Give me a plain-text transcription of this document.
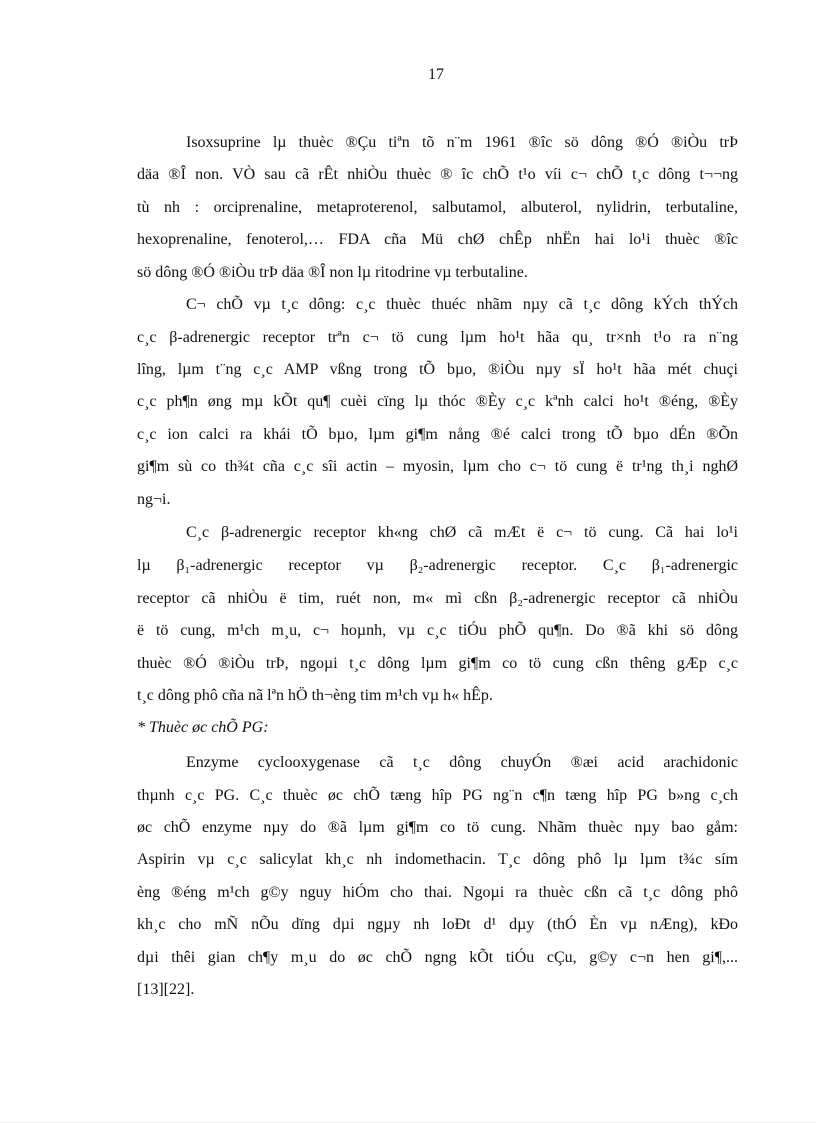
17
Isoxsuprine lµ thuèc ®Çu tiªn tõ n¨m 1961 ®îc sö dông ®Ó ®iÒu trÞ
däa ®Î non. VÒ sau cã rÊt nhiÒu thuèc ® îc chÕ t¹o víi c¬ chÕ t¸c dông t¬¬ng
tù nh : orciprenaline, metaproterenol, salbutamol, albuterol, nylidrin, terbutaline,
hexoprenaline, fenoterol,… FDA cña Mü chØ chÊp nhËn hai lo¹i thuèc ®îc
sö dông ®Ó ®iÒu trÞ däa ®Î non lµ ritodrine vµ terbutaline.
C¬ chÕ vµ t¸c dông: c¸c thuèc thuéc nhãm nµy cã t¸c dông kÝch thÝch
c¸c β-adrenergic receptor trªn c¬ tö cung lµm ho¹t hãa qu¸ tr×nh t¹o ra n¨ng
lîng, lµm t¨ng c¸c AMP vßng trong tÕ bµo, ®iÒu nµy sÏ ho¹t hãa mét chuçi
c¸c ph¶n øng mµ kÕt qu¶ cuèi cïng lµ thóc ®Èy c¸c kªnh calci ho¹t ®éng, ®Èy
c¸c ion calci ra khái tÕ bµo, lµm gi¶m nång ®é calci trong tÕ bµo dÉn ®Õn
gi¶m sù co th¾t cña c¸c sîi actin – myosin, lµm cho c¬ tö cung ë tr¹ng th¸i nghØ
ng¬i.
C¸c β-adrenergic receptor kh«ng chØ cã mÆt ë c¬ tö cung. Cã hai lo¹i
lµ β₁-adrenergic receptor vµ β₂-adrenergic receptor. C¸c β₁-adrenergic
receptor cã nhiÒu ë tim, ruét non, m« mì cßn β₂-adrenergic receptor cã nhiÒu
ë tö cung, m¹ch m¸u, c¬ hoµnh, vµ c¸c tiÓu phÕ qu¶n. Do ®ã khi sö dông
thuèc ®Ó ®iÒu trÞ, ngoµi t¸c dông lµm gi¶m co tö cung cßn thêng gÆp c¸c
t¸c dông phô cña nã lªn hÖ th¬èng tim m¹ch vµ h« hÊp.
* Thuèc øc chÕ PG:
Enzyme cyclooxygenase cã t¸c dông chuyÓn ®æi acid arachidonic
thµnh c¸c PG. C¸c thuèc øc chÕ tæng hîp PG ng¨n c¶n tæng hîp PG b»ng c¸ch
øc chÕ enzyme nµy do ®ã lµm gi¶m co tö cung. Nhãm thuèc nµy bao gåm:
Aspirin vµ c¸c salicylat kh¸c nh indomethacin. T¸c dông phô lµ lµm t¾c sím
èng ®éng m¹ch g©y nguy hiÓm cho thai. Ngoµi ra thuèc cßn cã t¸c dông phô
kh¸c cho mÑ nÕu dïng dµi ngµy nh loÐt d¹ dµy (thÓ Èn vµ nÆng), kÐo
dµi thêi gian ch¶y m¸u do øc chÕ ngng kÕt tiÓu cÇu, g©y c¬n hen gi¶,...
[13][22].
